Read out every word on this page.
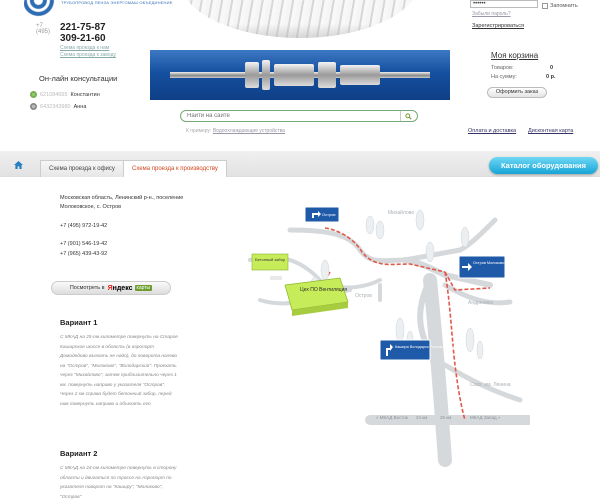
ТРУБОПРОВОД ПЕНЗА ЭНЕРГОМАШ ОБЪЕДИНЕНИЕ
+7 (495) 221-75-87
309-21-60
Схема проезда к нам
Схема проезда к заводу
Он-лайн консультации
621084655 Константин
6432343980 Анна
••••••	Запомнить
Забыли пароль?
Зарегистрироваться
Моя корзина
Товаров:	0
На сумму:	0 р.
Оформить заказ
Найти на сайте
К примеру: Водоохлаждающие устройства	Оплата и доставка Дисконтная карта
Схема проезда к офису	Схема проезда к производству	Каталог оборудования
Московская область, Ленинский р-н., поселение Молоковское, с. Остров
+7 (495) 972-19-42
+7 (901) 546-19-42
+7 (965) 439-43-92
Посмотреть в Яндекс карты
Вариант 1
С МКАД на 25-ом километре повернуть на Старое Каширское шоссе в область (в аэропорт Домодедово въехать не надо), до поворота налево на "Остров", "Молоково", "Володарский". Проехать через "Михайлово", затем приблизительно через 1 км. повернуть направо у указателя "Остров". Через 2 км справа будет бетонный забор, перед ним повернуть направо и объехать его
Вариант 2
С МКАД на 24-ом километре повернуть в сторону области и двигаться по трассе на Аэропорт по указателя поворот на "Каширу", "Молоково", "Остров"
Цех ПО Вентиляция
Бетонный забор
Остров
Остров Молоково Володарский
Кашира Володарск Ростов-на-Дону
Михайлово
Остров
Андреевка
Совх. им. Ленина
« МКАД Восток 24 км	25 км	МКАД Запад »
